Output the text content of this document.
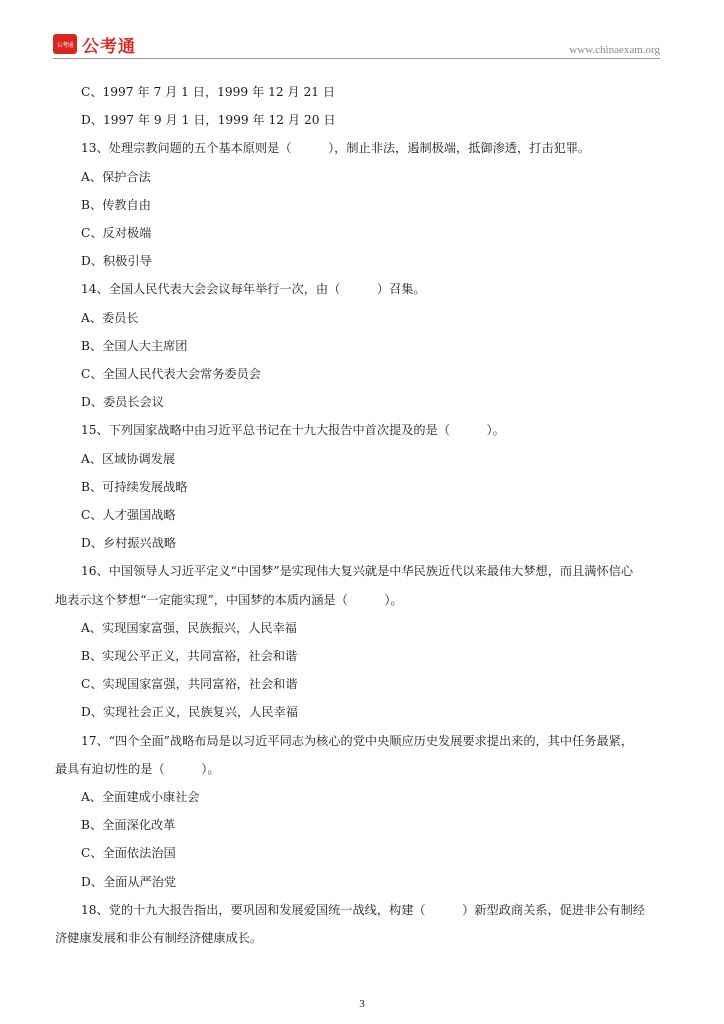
公考通 公考通	www.chinaexam.org
C、1997 年 7 月 1 日，1999 年 12 月 21 日
D、1997 年 9 月 1 日，1999 年 12 月 20 日
13、处理宗教问题的五个基本原则是（　　　），制止非法，遏制极端，抵御渗透，打击犯罪。
A、保护合法
B、传教自由
C、反对极端
D、积极引导
14、全国人民代表大会会议每年举行一次，由（　　　）召集。
A、委员长
B、全国人大主席团
C、全国人民代表大会常务委员会
D、委员长会议
15、下列国家战略中由习近平总书记在十九大报告中首次提及的是（　　　）。
A、区域协调发展
B、可持续发展战略
C、人才强国战略
D、乡村振兴战略
16、中国领导人习近平定义“中国梦”是实现伟大复兴就是中华民族近代以来最伟大梦想，而且满怀信心
地表示这个梦想“一定能实现”，中国梦的本质内涵是（　　　）。
A、实现国家富强，民族振兴，人民幸福
B、实现公平正义，共同富裕，社会和谐
C、实现国家富强，共同富裕，社会和谐
D、实现社会正义，民族复兴，人民幸福
17、“四个全面”战略布局是以习近平同志为核心的党中央顺应历史发展要求提出来的，其中任务最紧，
最具有迫切性的是（　　　）。
A、全面建成小康社会
B、全面深化改革
C、全面依法治国
D、全面从严治党
18、党的十九大报告指出，要巩固和发展爱国统一战线，构建（　　　）新型政商关系，促进非公有制经
济健康发展和非公有制经济健康成长。
3
